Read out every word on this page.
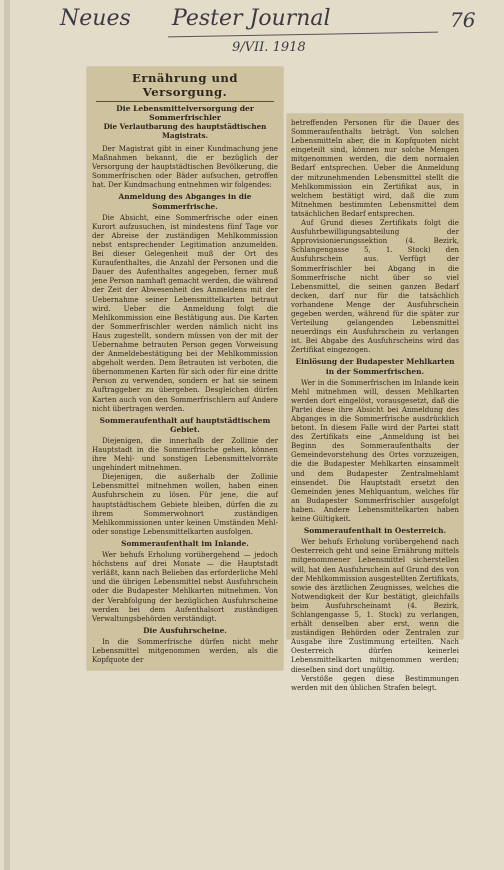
Neues Pester Journal
9/VII. 1918
76
Ernährung und Versorgung.
Die Lebensmittelversorgung der Sommerfrischler
Die Verlautbarung des hauptstädtischen Magistrats.

Der Magistrat gibt in einer Kundmachung jene Maßnahmen bekannt, die er bezüglich der Versorgung der hauptstädtischen Bevölkerung, die Sommerfrischen oder Bäder aufsuchen, getroffen hat. Der Kundmachung entnehmen wir folgendes:

Anmeldung des Abganges in die Sommerfrische.

Die Absicht, eine Sommerfrische oder einen Kurort aufzusuchen, ist mindestens fünf Tage vor der Abreise der zuständigen Mehlkommission nebst entsprechender Legitimation anzumelden. Bei dieser Gelegenheit muß der Ort des Kuraufenthaltes, die Anzahl der Personen und die Dauer des Aufenthaltes angegeben, ferner muß jene Person namhaft gemacht werden, die während der Zeit der Abwesenheit des Anmeldens mit der Uebernahme seiner Lebensmittelkarten betraut wird. Ueber die Anmeldung folgt die Mehlkommission eine Bestätigung aus. Die Karten der Sommerfrischler werden nämlich nicht ins Haus zugestellt, sondern müssen von der mit der Uebernahme betrauten Person gegen Vorweisung der Anmeldebestätigung bei der Mehlkommission abgeholt werden. Dem Betrauten ist verboten, die übernommenen Karten für sich oder für eine dritte Person zu verwenden, sondern er hat sie seinem Auftraggeber zu übergeben. Desgleichen dürfen Karten auch von den Sommerfrischlern auf Andere nicht übertragen werden.

Sommeraufenthalt auf hauptstädtischem Gebiet.

Diejenigen, die innerhalb der Zollinie der Hauptstadt in die Sommerfrische gehen, können ihre Mehl- und sonstigen Lebensmittelvorräte ungehindert mitnehmen.

Diejenigen, die außerhalb der Zollinie Lebensmittel mitnehmen wollen, haben einen Ausfuhrschein zu lösen. Für jene, die auf hauptstädtischem Gebiete bleiben, dürfen die zu ihrem Sommerwohnort zuständigen Mehlkommissionen unter keinen Umständen Mehl- oder sonstige Lebensmittelkarten ausfolgen.

Sommeraufenthalt im Inlande.

Wer behufs Erholung vorübergehend — jedoch höchstens auf drei Monate — die Hauptstadt verläßt, kann nach Belieben das erforderliche Mehl und die übrigen Lebensmittel nebst Ausfuhrschein oder die Budapester Mehlkarten mitnehmen. Von der Verabfolgung der bezüglichen Ausfuhrscheine werden bei dem Aufenthalsort zuständigen Verwaltungsbehörden verständigt.

Die Ausfuhrscheine.

In die Sommerfrische dürfen nicht mehr Lebensmittel mitgenommen werden, als die Kopfquote der

betreffenden Personen für die Dauer des Sommeraufenthalts beträgt. Von solchen Lebensmitteln aber, die in Kopfquoten nicht eingeteilt sind, können nur solche Mengen mitgenommen werden, die dem normalen Bedarf entsprechen. Ueber die Anmeldung der mitzunehmenden Lebensmittel stellt die Mehlkommission ein Zertifikat aus, in welchem bestätigt wird, daß die zum Mitnehmen bestimmten Lebensmittel dem tatsächlichen Bedarf entsprechen.

Auf Grund dieses Zertifikats folgt die Ausfuhrbewilligungsabteilung der Approvisionierungssektion (4. Bezirk, Schlangengasse 5, 1. Stock) den Ausfuhrschein aus. Verfügt der Sommerfrischler bei Abgang in die Sommerfrische nicht über so viel Lebensmittel, die seinen ganzen Bedarf decken, darf nur für die tatsächlich vorhandene Menge der Ausfuhrschein gegeben werden, während für die später zur Verteilung gelangenden Lebensmittel neuerdings ein Ausfuhrschein zu verlangen ist. Bei Abgabe des Ausfuhrscheins wird das Zertifikat eingezogen.

Einlösung der Budapester Mehlkarten in der Sommerfrischen.

Wer in die Sommerfrischen im Inlande kein Mehl mitnehmen will, dessen Mehlkarten werden dort eingelöst, vorausgesetzt, daß die Partei diese ihre Absicht bei Anmeldung des Abganges in die Sommerfrische ausdrücklich betont. In diesem Falle wird der Partei statt des Zertifikats eine „Anmeldung ist bei Beginn des Sommeraufenthalts der Gemeindevorstehung des Ortes vorzuzeigen, die die Budapester Mehlkarten einsammelt und dem Budapester Zentralmehlamt einsendet. Die Hauptstadt ersetzt den Gemeinden jenes Mehlquantum, welches für an Budapester Sommerfrischler ausgefolgt haben. Andere Lebensmittelkarten haben keine Gültigkeit.

Sommeraufenthalt in Oesterreich.

Wer behufs Erholung vorübergehend nach Oesterreich geht und seine Ernährung mittels mitgenommener Lebensmittel sicherstellen will, hat den Ausfuhrschein auf Grund des von der Mehlkommission ausgestellten Zertifikats, sowie des ärztlichen Zeugnisses, welches die Notwendigkeit der Kur bestätigt, gleichfalls beim Ausfuhrscheinamt (4. Bezirk, Schlangengasse 5, 1. Stock) zu verlangen, erhält denselben aber erst, wenn die zuständigen Behörden oder Zentralen zur Ausgabe ihre Zustimmung erteilten. Nach Oesterreich dürfen keinerlei Lebensmittelkarten mitgenommen werden; dieselben sind dort ungültig.

Verstöße gegen diese Bestimmungen werden mit den üblichen Strafen belegt.
